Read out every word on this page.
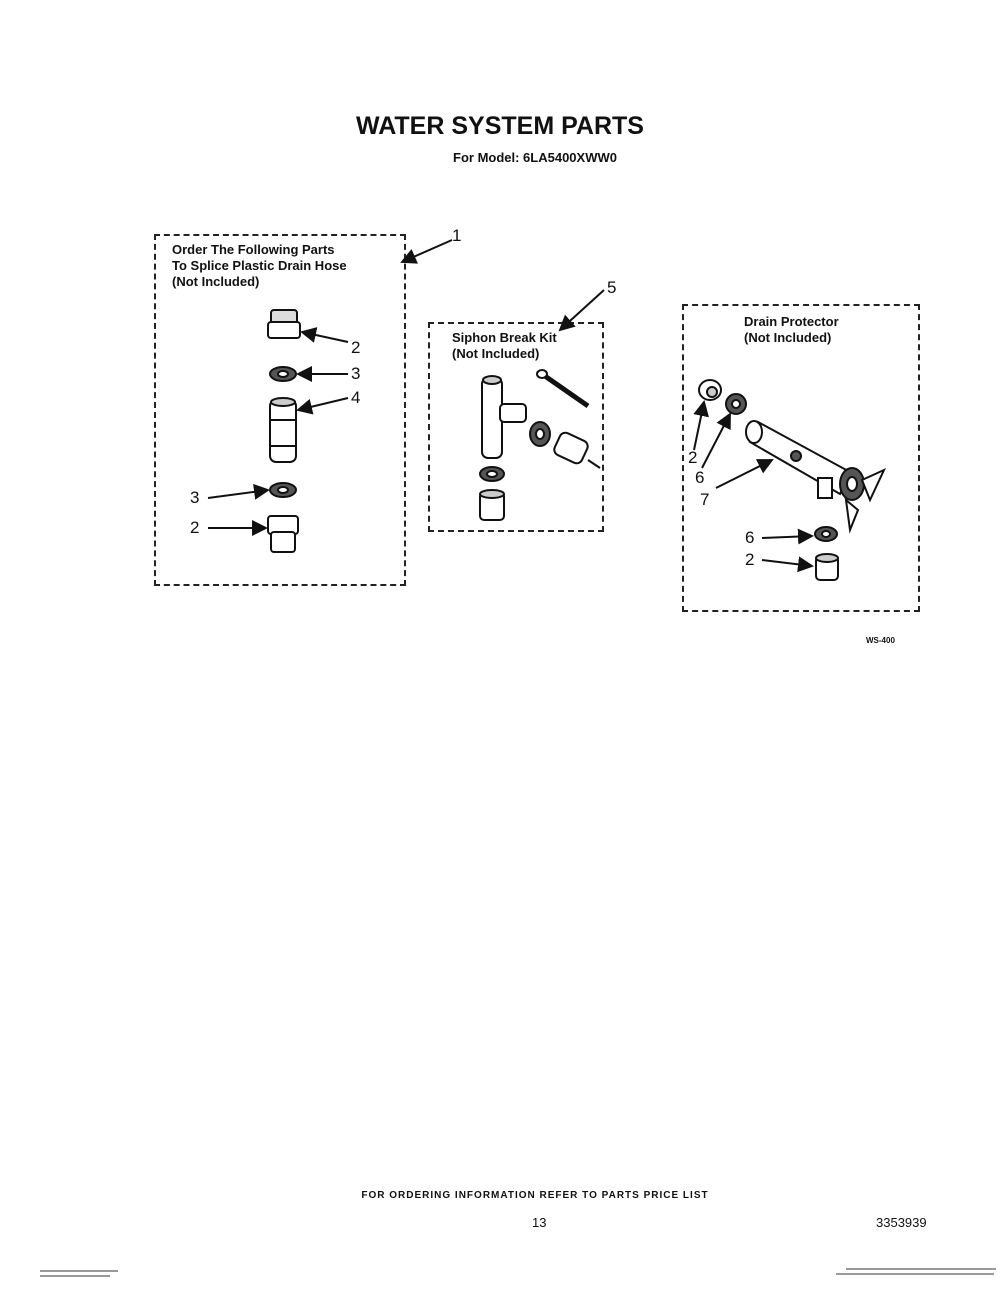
WATER SYSTEM PARTS
For Model: 6LA5400XWW0
Order The Following Parts
To Splice Plastic Drain Hose
(Not Included)
Siphon Break Kit
(Not Included)
Drain Protector
(Not Included)
1
5
2
3
4
3
2
2
6
7
6
2
WS-400
FOR ORDERING INFORMATION REFER TO PARTS PRICE LIST
13	3353939
